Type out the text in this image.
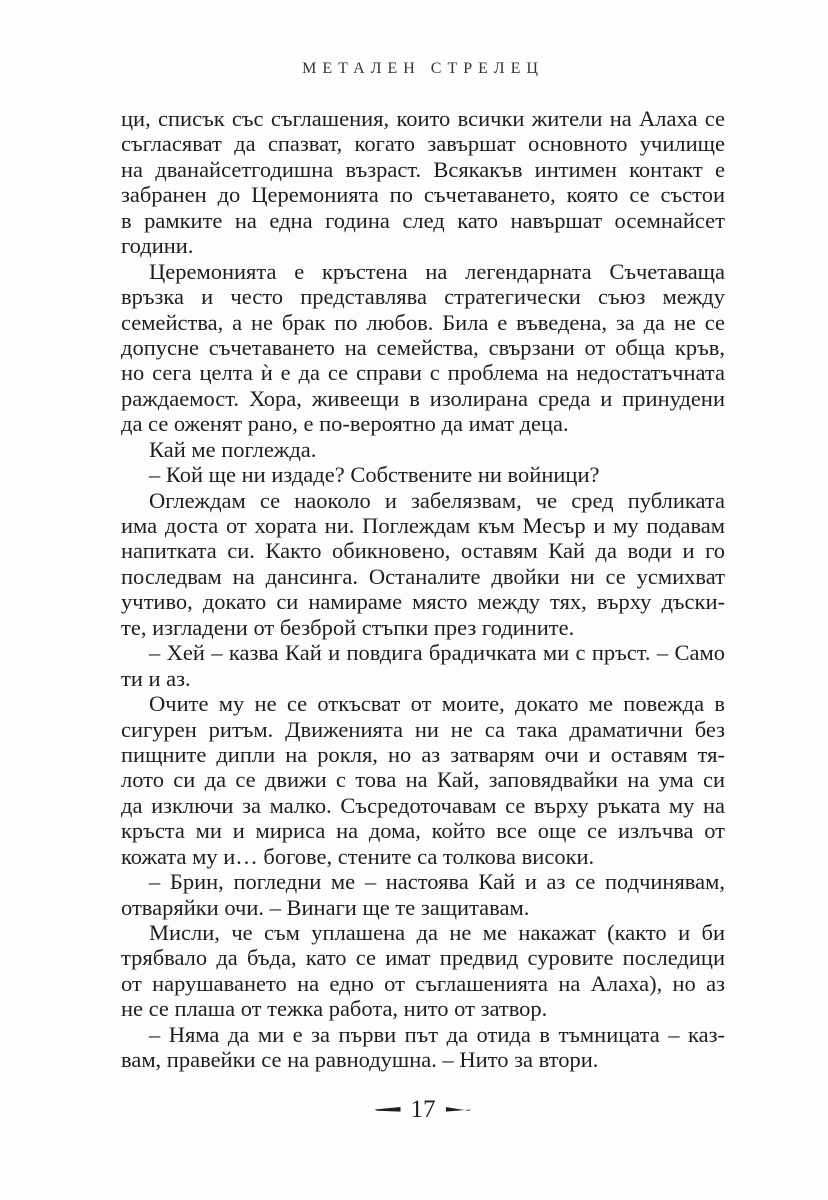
МЕТАЛЕН СТРЕЛЕЦ
ци, списък със съглашения, които всички жители на Алаха се
съгласяват да спазват, когато завършат основното училище
на дванайсетгодишна възраст. Всякакъв интимен контакт е
забранен до Церемонията по съчетаването, която се състои
в рамките на една година след като навършат осемнайсет
години.
Церемонията е кръстена на легендарната Съчетаваща
връзка и често представлява стратегически съюз между
семейства, а не брак по любов. Била е въведена, за да не се
допусне съчетаването на семейства, свързани от обща кръв,
но сега целта ѝ е да се справи с проблема на недостатъчната
раждаемост. Хора, живеещи в изолирана среда и принудени
да се оженят рано, е по-вероятно да имат деца.
Кай ме поглежда.
– Кой ще ни издаде? Собствените ни войници?
Оглеждам се наоколо и забелязвам, че сред публиката
има доста от хората ни. Поглеждам към Месър и му подавам
напитката си. Както обикновено, оставям Кай да води и го
последвам на дансинга. Останалите двойки ни се усмихват
учтиво, докато си намираме място между тях, върху дъски-
те, изгладени от безброй стъпки през годините.
– Хей – казва Кай и повдига брадичката ми с пръст. – Само
ти и аз.
Очите му не се откъсват от моите, докато ме повежда в
сигурен ритъм. Движенията ни не са така драматични без
пищните дипли на рокля, но аз затварям очи и оставям тя-
лото си да се движи с това на Кай, заповядвайки на ума си
да изключи за малко. Съсредоточавам се върху ръката му на
кръста ми и мириса на дома, който все още се излъчва от
кожата му и… богове, стените са толкова високи.
– Брин, погледни ме – настоява Кай и аз се подчинявам,
отваряйки очи. – Винаги ще те защитавам.
Мисли, че съм уплашена да не ме накажат (както и би
трябвало да бъда, като се имат предвид суровите последици
от нарушаването на едно от съглашенията на Алаха), но аз
не се плаша от тежка работа, нито от затвор.
– Няма да ми е за първи път да отида в тъмницата – каз-
вам, правейки се на равнодушна. – Нито за втори.
17
